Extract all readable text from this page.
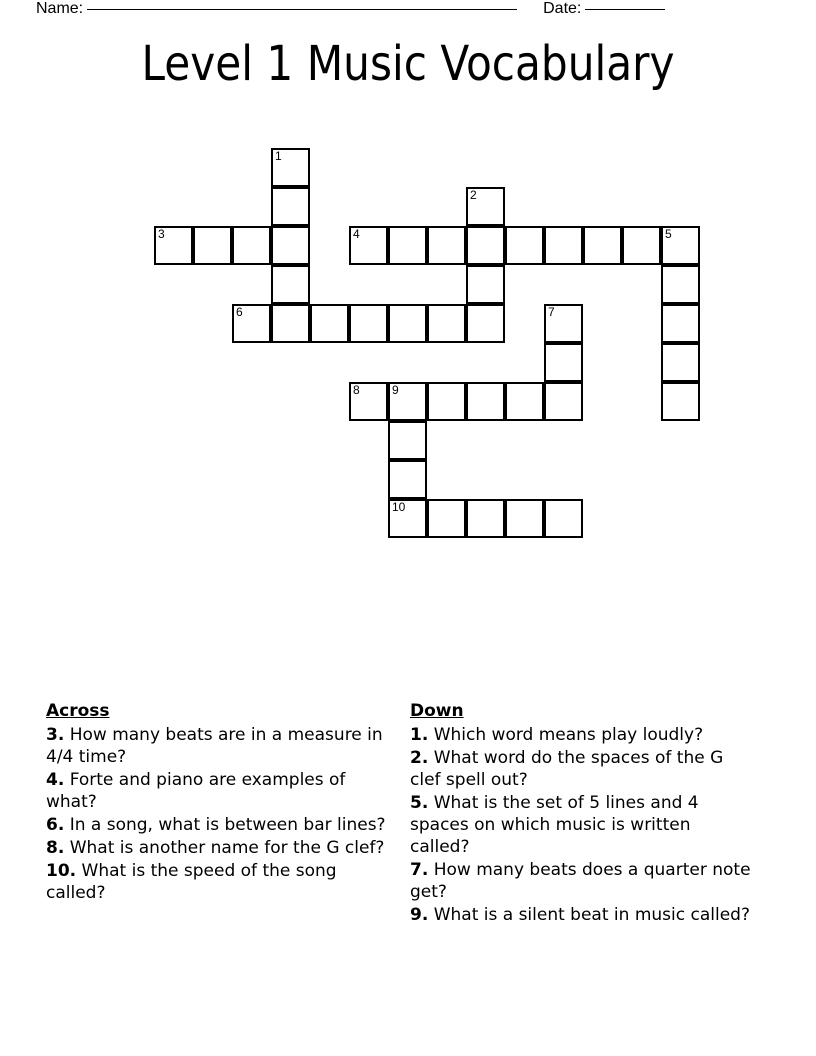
Name:	Date:
Level 1 Music Vocabulary
1
2
3	4	5
6	7
8	9
10
Across
3. How many beats are in a measure in 4/4 time?
4. Forte and piano are examples of what?
6. In a song, what is between bar lines?
8. What is another name for the G clef?
10. What is the speed of the song called?
Down
1. Which word means play loudly?
2. What word do the spaces of the G clef spell out?
5. What is the set of 5 lines and 4 spaces on which music is written called?
7. How many beats does a quarter note get?
9. What is a silent beat in music called?
